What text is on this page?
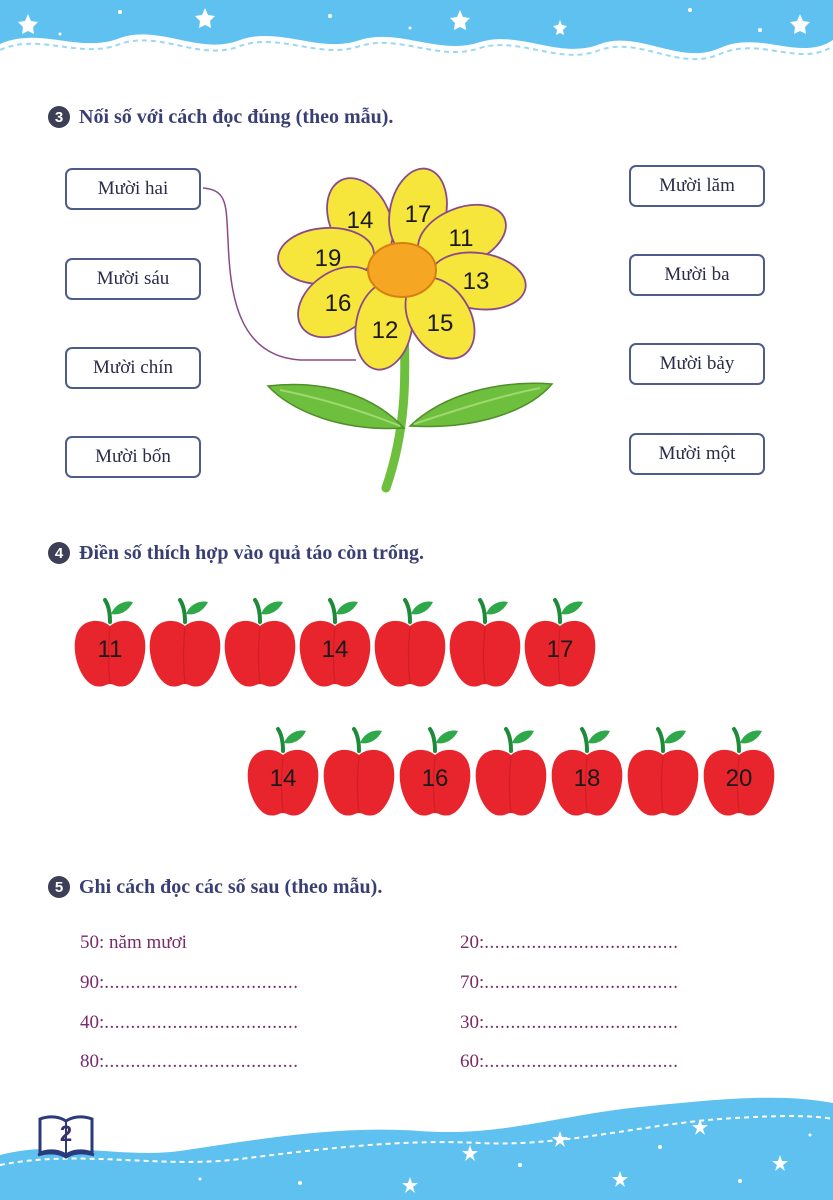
3 Nối số với cách đọc đúng (theo mẫu).
Mười hai
Mười sáu
Mười chín
Mười bốn
Mười lăm
Mười ba
Mười bảy
Mười một
14 17
11
19
13
16
12 15
4 Điền số thích hợp vào quả táo còn trống.
11	14	17
14	16	18	20
5 Ghi cách đọc các số sau (theo mẫu).
50: năm mươi
90:.....................................
40:.....................................
80:.....................................
20:.....................................
70:.....................................
30:.....................................
60:.....................................
2
